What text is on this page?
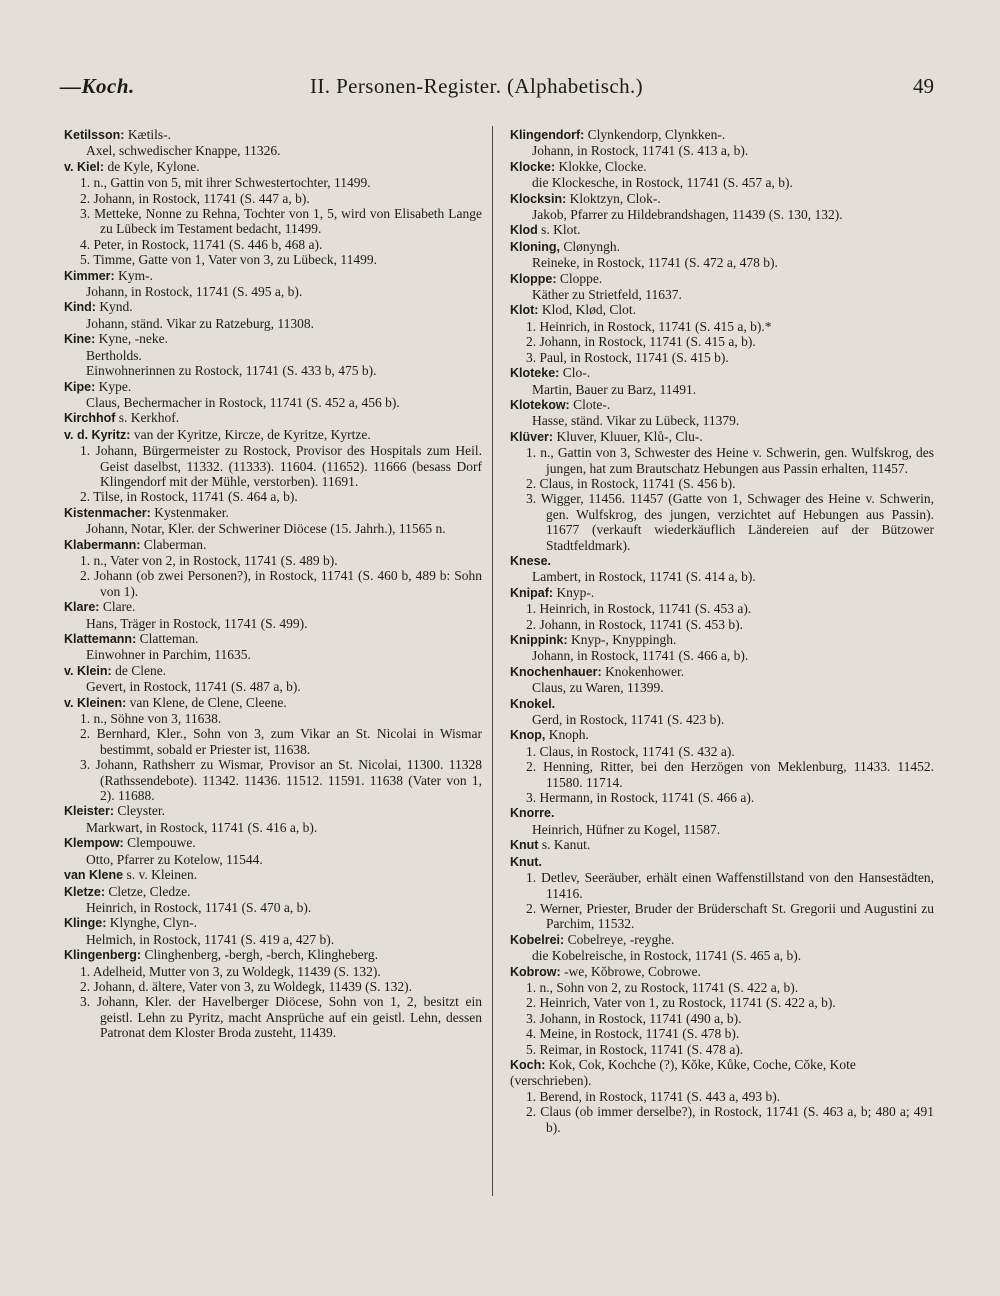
—Koch.	II. Personen-Register. (Alphabetisch.)	49
Ketilsson: Kætils-.
Axel, schwedischer Knappe, 11326.
v. Kiel: de Kyle, Kylone.
1. n., Gattin von 5, mit ihrer Schwestertochter, 11499.
2. Johann, in Rostock, 11741 (S. 447 a, b).
3. Metteke, Nonne zu Rehna, Tochter von 1, 5, wird von Elisabeth Lange zu Lübeck im Testament bedacht, 11499.
4. Peter, in Rostock, 11741 (S. 446 b, 468 a).
5. Timme, Gatte von 1, Vater von 3, zu Lübeck, 11499.
Kimmer: Kym-.
Johann, in Rostock, 11741 (S. 495 a, b).
Kind: Kynd.
Johann, ständ. Vikar zu Ratzeburg, 11308.
Kine: Kyne, -neke.
Bertholds.
Einwohnerinnen zu Rostock, 11741 (S. 433 b, 475 b).
Kipe: Kype.
Claus, Bechermacher in Rostock, 11741 (S. 452 a, 456 b).
Kirchhof s. Kerkhof.
v. d. Kyritz: van der Kyritze, Kircze, de Kyritze, Kyrtze.
1. Johann, Bürgermeister zu Rostock, Provisor des Hospitals zum Heil. Geist daselbst, 11332. (11333). 11604. (11652). 11666 (besass Dorf Klingendorf mit der Mühle, verstorben). 11691.
2. Tilse, in Rostock, 11741 (S. 464 a, b).
Kistenmacher: Kystenmaker.
Johann, Notar, Kler. der Schweriner Diöcese (15. Jahrh.), 11565 n.
Klabermann: Claberman.
1. n., Vater von 2, in Rostock, 11741 (S. 489 b).
2. Johann (ob zwei Personen?), in Rostock, 11741 (S. 460 b, 489 b: Sohn von 1).
Klare: Clare.
Hans, Träger in Rostock, 11741 (S. 499).
Klattemann: Clatteman.
Einwohner in Parchim, 11635.
v. Klein: de Clene.
Gevert, in Rostock, 11741 (S. 487 a, b).
v. Kleinen: van Klene, de Clene, Cleene.
1. n., Söhne von 3, 11638.
2. Bernhard, Kler., Sohn von 3, zum Vikar an St. Nicolai in Wismar bestimmt, sobald er Priester ist, 11638.
3. Johann, Rathsherr zu Wismar, Provisor an St. Nicolai, 11300. 11328 (Rathssendebote). 11342. 11436. 11512. 11591. 11638 (Vater von 1, 2). 11688.
Kleister: Cleyster.
Markwart, in Rostock, 11741 (S. 416 a, b).
Klempow: Clempouwe.
Otto, Pfarrer zu Kotelow, 11544.
van Klene s. v. Kleinen.
Kletze: Cletze, Cledze.
Heinrich, in Rostock, 11741 (S. 470 a, b).
Klinge: Klynghe, Clyn-.
Helmich, in Rostock, 11741 (S. 419 a, 427 b).
Klingenberg: Clinghenberg, -bergh, -berch, Klingheberg.
1. Adelheid, Mutter von 3, zu Woldegk, 11439 (S. 132).
2. Johann, d. ältere, Vater von 3, zu Woldegk, 11439 (S. 132).
3. Johann, Kler. der Havelberger Diöcese, Sohn von 1, 2, besitzt ein geistl. Lehn zu Pyritz, macht Ansprüche auf ein geistl. Lehn, dessen Patronat dem Kloster Broda zusteht, 11439.
Klingendorf: Clynkendorp, Clynkken-.
Johann, in Rostock, 11741 (S. 413 a, b).
Klocke: Klokke, Clocke.
die Klockesche, in Rostock, 11741 (S. 457 a, b).
Klocksin: Kloktzyn, Clok-.
Jakob, Pfarrer zu Hildebrandshagen, 11439 (S. 130, 132).
Klod s. Klot.
Kloning, Clønyngh.
Reineke, in Rostock, 11741 (S. 472 a, 478 b).
Kloppe: Cloppe.
Käther zu Strietfeld, 11637.
Klot: Klod, Klød, Clot.
1. Heinrich, in Rostock, 11741 (S. 415 a, b).*
2. Johann, in Rostock, 11741 (S. 415 a, b).
3. Paul, in Rostock, 11741 (S. 415 b).
Kloteke: Clo-.
Martin, Bauer zu Barz, 11491.
Klotekow: Clote-.
Hasse, ständ. Vikar zu Lübeck, 11379.
Klüver: Kluver, Kluuer, Klů-, Clu-.
1. n., Gattin von 3, Schwester des Heine v. Schwerin, gen. Wulfskrog, des jungen, hat zum Brautschatz Hebungen aus Passin erhalten, 11457.
2. Claus, in Rostock, 11741 (S. 456 b).
3. Wigger, 11456. 11457 (Gatte von 1, Schwager des Heine v. Schwerin, gen. Wulfskrog, des jungen, verzichtet auf Hebungen aus Passin). 11677 (verkauft wiederkäuflich Ländereien auf der Bützower Stadtfeldmark).
Knese.
Lambert, in Rostock, 11741 (S. 414 a, b).
Knipaf: Knyp-.
1. Heinrich, in Rostock, 11741 (S. 453 a).
2. Johann, in Rostock, 11741 (S. 453 b).
Knippink: Knyp-, Knyppingh.
Johann, in Rostock, 11741 (S. 466 a, b).
Knochenhauer: Knokenhower.
Claus, zu Waren, 11399.
Knokel.
Gerd, in Rostock, 11741 (S. 423 b).
Knop, Knoph.
1. Claus, in Rostock, 11741 (S. 432 a).
2. Henning, Ritter, bei den Herzögen von Meklenburg, 11433. 11452. 11580. 11714.
3. Hermann, in Rostock, 11741 (S. 466 a).
Knorre.
Heinrich, Hüfner zu Kogel, 11587.
Knut s. Kanut.
Knut.
1. Detlev, Seeräuber, erhält einen Waffenstillstand von den Hansestädten, 11416.
2. Werner, Priester, Bruder der Brüderschaft St. Gregorii und Augustini zu Parchim, 11532.
Kobelrei: Cobelreye, -reyghe.
die Kobelreische, in Rostock, 11741 (S. 465 a, b).
Kobrow: -we, Kŏbrowe, Cobrowe.
1. n., Sohn von 2, zu Rostock, 11741 (S. 422 a, b).
2. Heinrich, Vater von 1, zu Rostock, 11741 (S. 422 a, b).
3. Johann, in Rostock, 11741 (490 a, b).
4. Meine, in Rostock, 11741 (S. 478 b).
5. Reimar, in Rostock, 11741 (S. 478 a).
Koch: Kok, Cok, Kochche (?), Kŏke, Kůke, Coche, Cŏke, Kote (verschrieben).
1. Berend, in Rostock, 11741 (S. 443 a, 493 b).
2. Claus (ob immer derselbe?), in Rostock, 11741 (S. 463 a, b; 480 a; 491 b).
